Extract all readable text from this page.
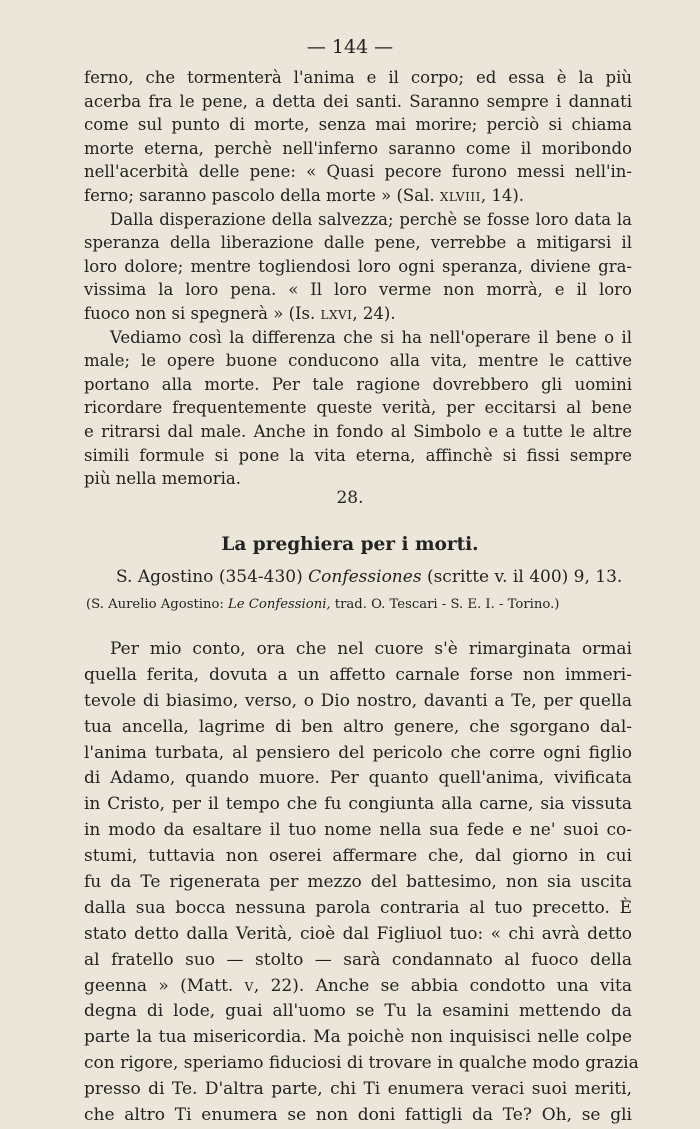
— 144 —
ferno, che tormenterà l'anima e il corpo; ed essa è la più
acerba fra le pene, a detta dei santi. Saranno sempre i dannati
come sul punto di morte, senza mai morire; perciò si chiama
morte eterna, perchè nell'inferno saranno come il moribondo
nell'acerbità delle pene: « Quasi pecore furono messi nell'in-
ferno; saranno pascolo della morte » (Sal. xlviii, 14).
Dalla disperazione della salvezza; perchè se fosse loro data la
speranza della liberazione dalle pene, verrebbe a mitigarsi il
loro dolore; mentre togliendosi loro ogni speranza, diviene gra-
vissima la loro pena. « Il loro verme non morrà, e il loro
fuoco non si spegnerà » (Is. lxvi, 24).
Vediamo così la differenza che si ha nell'operare il bene o il
male; le opere buone conducono alla vita, mentre le cattive
portano alla morte. Per tale ragione dovrebbero gli uomini
ricordare frequentemente queste verità, per eccitarsi al bene
e ritrarsi dal male. Anche in fondo al Simbolo e a tutte le altre
simili formule si pone la vita eterna, affinchè si fissi sempre
più nella memoria.
28.
La preghiera per i morti.
S. Agostino (354-430) Confessiones (scritte v. il 400) 9, 13.
(S. Aurelio Agostino: Le Confessioni, trad. O. Tescari - S. E. I. - Torino.)
Per mio conto, ora che nel cuore s'è rimarginata ormai
quella ferita, dovuta a un affetto carnale forse non immeri-
tevole di biasimo, verso, o Dio nostro, davanti a Te, per quella
tua ancella, lagrime di ben altro genere, che sgorgano dal-
l'anima turbata, al pensiero del pericolo che corre ogni figlio
di Adamo, quando muore. Per quanto quell'anima, vivificata
in Cristo, per il tempo che fu congiunta alla carne, sia vissuta
in modo da esaltare il tuo nome nella sua fede e ne' suoi co-
stumi, tuttavia non oserei affermare che, dal giorno in cui
fu da Te rigenerata per mezzo del battesimo, non sia uscita
dalla sua bocca nessuna parola contraria al tuo precetto. È
stato detto dalla Verità, cioè dal Figliuol tuo: « chi avrà detto
al fratello suo — stolto — sarà condannato al fuoco della
geenna » (Matt. v, 22). Anche se abbia condotto una vita
degna di lode, guai all'uomo se Tu la esamini mettendo da
parte la tua misericordia. Ma poichè non inquisisci nelle colpe
con rigore, speriamo fiduciosi di trovare in qualche modo grazia
presso di Te. D'altra parte, chi Ti enumera veraci suoi meriti,
che altro Ti enumera se non doni fattigli da Te? Oh, se gli
